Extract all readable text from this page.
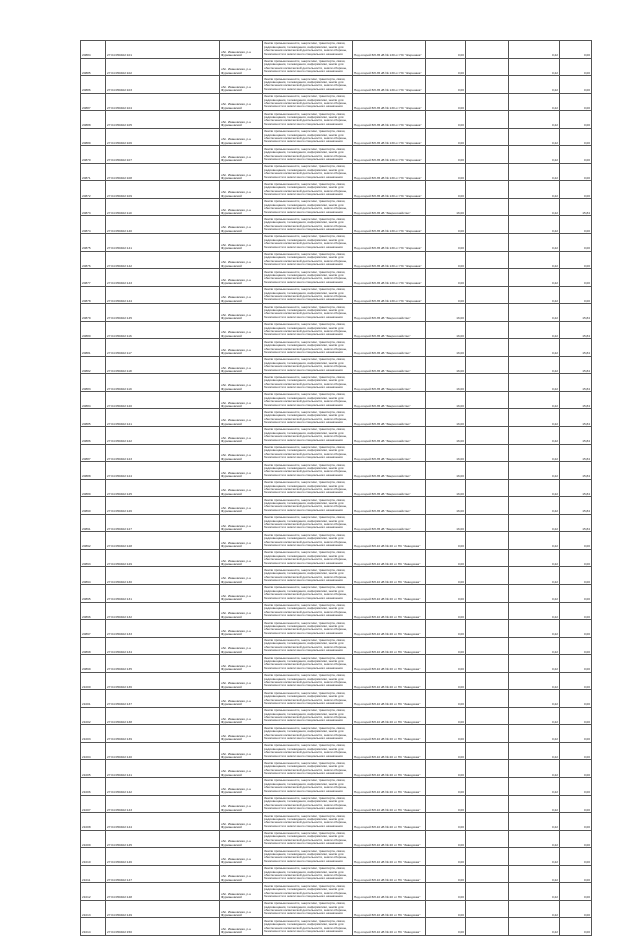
20884	27:04:050402:101	обл. Ивановская, р-н Фурмановский	Земли промышленности, энергетики, транспорта, связи, радиовещания, телевидения, информатики, земли для обеспечения космической деятельности, земли обороны, безопасности и земли иного специального назначения	Под опорой ВЛ-35 кВ № 130 от ПС "Жерновка"	0,00		0,22	0,00
20885	27:04:050402:102	обл. Ивановская, р-н Фурмановский	Земли промышленности, энергетики, транспорта, связи, радиовещания, телевидения, информатики, земли для обеспечения космической деятельности, земли обороны, безопасности и земли иного специального назначения	Под опорой ВЛ-35 кВ № 130 от ПС "Жерновка"	0,00		0,22	0,00
20886	27:04:050402:103	обл. Ивановская, р-н Фурмановский	Земли промышленности, энергетики, транспорта, связи, радиовещания, телевидения, информатики, земли для обеспечения космической деятельности, земли обороны, безопасности и земли иного специального назначения	Под опорой ВЛ-35 кВ № 130 от ПС "Жерновка"	0,00		0,22	0,00
20887	27:04:050402:104	обл. Ивановская, р-н Фурмановский	Земли промышленности, энергетики, транспорта, связи, радиовещания, телевидения, информатики, земли для обеспечения космической деятельности, земли обороны, безопасности и земли иного специального назначения	Под опорой ВЛ-35 кВ № 130 от ПС "Жерновка"	0,00		0,22	0,00
20888	27:04:050402:105	обл. Ивановская, р-н Фурмановский	Земли промышленности, энергетики, транспорта, связи, радиовещания, телевидения, информатики, земли для обеспечения космической деятельности, земли обороны, безопасности и земли иного специального назначения	Под опорой ВЛ-35 кВ № 130 от ПС "Жерновка"	0,00		0,22	0,00
20889	27:04:050402:106	обл. Ивановская, р-н Фурмановский	Земли промышленности, энергетики, транспорта, связи, радиовещания, телевидения, информатики, земли для обеспечения космической деятельности, земли обороны, безопасности и земли иного специального назначения	Под опорой ВЛ-35 кВ № 130 от ПС "Жерновка"	0,00		0,22	0,00
20870	27:04:050402:107	обл. Ивановская, р-н Фурмановский	Земли промышленности, энергетики, транспорта, связи, радиовещания, телевидения, информатики, земли для обеспечения космической деятельности, земли обороны, безопасности и земли иного специального назначения	Под опорой ВЛ-35 кВ № 130 от ПС "Жерновка"	0,00		0,22	0,00
20871	27:04:050402:108	обл. Ивановская, р-н Фурмановский	Земли промышленности, энергетики, транспорта, связи, радиовещания, телевидения, информатики, земли для обеспечения космической деятельности, земли обороны, безопасности и земли иного специального назначения	Под опорой ВЛ-35 кВ № 130 от ПС "Жерновка"	0,00		0,22	0,00
20872	27:04:050402:109	обл. Ивановская, р-н Фурмановский	Земли промышленности, энергетики, транспорта, связи, радиовещания, телевидения, информатики, земли для обеспечения космической деятельности, земли обороны, безопасности и земли иного специального назначения	Под опорой ВЛ-35 кВ № 130 от ПС "Жерновка"	0,00		0,22	0,00
20873	27:04:050402:110	обл. Ивановская, р-н Фурмановский	Земли промышленности, энергетики, транспорта, связи, радиовещания, телевидения, информатики, земли для обеспечения космической деятельности, земли обороны, безопасности и земли иного специального назначения	Под опорой ВЛ-35 кВ "Зверохозяйство"	16,00		0,22	15,84
20874	27:04:050402:140	обл. Ивановская, р-н Фурмановский	Земли промышленности, энергетики, транспорта, связи, радиовещания, телевидения, информатики, земли для обеспечения космической деятельности, земли обороны, безопасности и земли иного специального назначения	Под опорой ВЛ-35 кВ № 130 от ПС "Жерновка"	0,00		0,22	0,00
20875	27:04:050402:141	обл. Ивановская, р-н Фурмановский	Земли промышленности, энергетики, транспорта, связи, радиовещания, телевидения, информатики, земли для обеспечения космической деятельности, земли обороны, безопасности и земли иного специального назначения	Под опорой ВЛ-35 кВ № 130 от ПС "Жерновка"	0,00		0,22	0,00
20876	27:04:050402:142	обл. Ивановская, р-н Фурмановский	Земли промышленности, энергетики, транспорта, связи, радиовещания, телевидения, информатики, земли для обеспечения космической деятельности, земли обороны, безопасности и земли иного специального назначения	Под опорой ВЛ-35 кВ № 130 от ПС "Жерновка"	0,00		0,22	0,00
20877	27:04:050402:143	обл. Ивановская, р-н Фурмановский	Земли промышленности, энергетики, транспорта, связи, радиовещания, телевидения, информатики, земли для обеспечения космической деятельности, земли обороны, безопасности и земли иного специального назначения	Под опорой ВЛ-35 кВ № 130 от ПС "Жерновка"	0,00		0,22	0,00
20878	27:04:050402:144	обл. Ивановская, р-н Фурмановский	Земли промышленности, энергетики, транспорта, связи, радиовещания, телевидения, информатики, земли для обеспечения космической деятельности, земли обороны, безопасности и земли иного специального назначения	Под опорой ВЛ-35 кВ № 130 от ПС "Жерновка"	0,00		0,22	0,00
20879	27:04:050402:145	обл. Ивановская, р-н Фурмановский	Земли промышленности, энергетики, транспорта, связи, радиовещания, телевидения, информатики, земли для обеспечения космической деятельности, земли обороны, безопасности и земли иного специального назначения	Под опорой ВЛ-35 кВ "Зверохозяйство"	16,00		0,22	15,84
20880	27:04:050402:116	обл. Ивановская, р-н Фурмановский	Земли промышленности, энергетики, транспорта, связи, радиовещания, телевидения, информатики, земли для обеспечения космической деятельности, земли обороны, безопасности и земли иного специального назначения	Под опорой ВЛ-35 кВ "Зверохозяйство"	16,00		0,22	15,84
20881	27:04:050402:117	обл. Ивановская, р-н Фурмановский	Земли промышленности, энергетики, транспорта, связи, радиовещания, телевидения, информатики, земли для обеспечения космической деятельности, земли обороны, безопасности и земли иного специального назначения	Под опорой ВЛ-35 кВ "Зверохозяйство"	16,00		0,22	15,84
20882	27:04:050402:118	обл. Ивановская, р-н Фурмановский	Земли промышленности, энергетики, транспорта, связи, радиовещания, телевидения, информатики, земли для обеспечения космической деятельности, земли обороны, безопасности и земли иного специального назначения	Под опорой ВЛ-35 кВ "Зверохозяйство"	16,00		0,22	15,84
20883	27:04:050402:119	обл. Ивановская, р-н Фурмановский	Земли промышленности, энергетики, транспорта, связи, радиовещания, телевидения, информатики, земли для обеспечения космической деятельности, земли обороны, безопасности и земли иного специального назначения	Под опорой ВЛ-35 кВ "Зверохозяйство"	16,00		0,22	15,84
20884	27:04:050402:120	обл. Ивановская, р-н Фурмановский	Земли промышленности, энергетики, транспорта, связи, радиовещания, телевидения, информатики, земли для обеспечения космической деятельности, земли обороны, безопасности и земли иного специального назначения	Под опорой ВЛ-35 кВ "Зверохозяйство"	16,00		0,22	15,84
20885	27:04:050402:121	обл. Ивановская, р-н Фурмановский	Земли промышленности, энергетики, транспорта, связи, радиовещания, телевидения, информатики, земли для обеспечения космической деятельности, земли обороны, безопасности и земли иного специального назначения	Под опорой ВЛ-35 кВ "Зверохозяйство"	16,00		0,22	15,84
20886	27:04:050402:122	обл. Ивановская, р-н Фурмановский	Земли промышленности, энергетики, транспорта, связи, радиовещания, телевидения, информатики, земли для обеспечения космической деятельности, земли обороны, безопасности и земли иного специального назначения	Под опорой ВЛ-35 кВ "Зверохозяйство"	16,00		0,22	15,84
20887	27:04:050402:123	обл. Ивановская, р-н Фурмановский	Земли промышленности, энергетики, транспорта, связи, радиовещания, телевидения, информатики, земли для обеспечения космической деятельности, земли обороны, безопасности и земли иного специального назначения	Под опорой ВЛ-35 кВ "Зверохозяйство"	16,00		0,22	15,84
20888	27:04:050402:124	обл. Ивановская, р-н Фурмановский	Земли промышленности, энергетики, транспорта, связи, радиовещания, телевидения, информатики, земли для обеспечения космической деятельности, земли обороны, безопасности и земли иного специального назначения	Под опорой ВЛ-35 кВ "Зверохозяйство"	16,00		0,22	15,84
20889	27:04:050402:125	обл. Ивановская, р-н Фурмановский	Земли промышленности, энергетики, транспорта, связи, радиовещания, телевидения, информатики, земли для обеспечения космической деятельности, земли обороны, безопасности и земли иного специального назначения	Под опорой ВЛ-35 кВ "Зверохозяйство"	16,00		0,22	15,84
20890	27:04:050402:126	обл. Ивановская, р-н Фурмановский	Земли промышленности, энергетики, транспорта, связи, радиовещания, телевидения, информатики, земли для обеспечения космической деятельности, земли обороны, безопасности и земли иного специального назначения	Под опорой ВЛ-35 кВ "Зверохозяйство"	16,00		0,22	15,84
20891	27:04:050402:127	обл. Ивановская, р-н Фурмановский	Земли промышленности, энергетики, транспорта, связи, радиовещания, телевидения, информатики, земли для обеспечения космической деятельности, земли обороны, безопасности и земли иного специального назначения	Под опорой ВЛ-35 кВ "Зверохозяйство"	16,00		0,22	15,84
20892	27:04:050402:128	обл. Ивановская, р-н Фурмановский	Земли промышленности, энергетики, транспорта, связи, радиовещания, телевидения, информатики, земли для обеспечения космической деятельности, земли обороны, безопасности и земли иного специального назначения	Под опорой ВЛ-10 кВ № 20 от ПС "Заводская"	0,00		0,22	0,00
20893	27:04:050402:129	обл. Ивановская, р-н Фурмановский	Земли промышленности, энергетики, транспорта, связи, радиовещания, телевидения, информатики, земли для обеспечения космической деятельности, земли обороны, безопасности и земли иного специального назначения	Под опорой ВЛ-10 кВ № 20 от ПС "Заводская"	0,00		0,22	0,00
20894	27:04:050402:130	обл. Ивановская, р-н Фурмановский	Земли промышленности, энергетики, транспорта, связи, радиовещания, телевидения, информатики, земли для обеспечения космической деятельности, земли обороны, безопасности и земли иного специального назначения	Под опорой ВЛ-10 кВ № 20 от ПС "Заводская"	0,00		0,22	0,00
20895	27:04:050402:131	обл. Ивановская, р-н Фурмановский	Земли промышленности, энергетики, транспорта, связи, радиовещания, телевидения, информатики, земли для обеспечения космической деятельности, земли обороны, безопасности и земли иного специального назначения	Под опорой ВЛ-10 кВ № 20 от ПС "Заводская"	0,00		0,22	0,00
20896	27:04:050402:132	обл. Ивановская, р-н Фурмановский	Земли промышленности, энергетики, транспорта, связи, радиовещания, телевидения, информатики, земли для обеспечения космической деятельности, земли обороны, безопасности и земли иного специального назначения	Под опорой ВЛ-10 кВ № 20 от ПС "Заводская"	0,00		0,22	0,00
20897	27:04:050402:133	обл. Ивановская, р-н Фурмановский	Земли промышленности, энергетики, транспорта, связи, радиовещания, телевидения, информатики, земли для обеспечения космической деятельности, земли обороны, безопасности и земли иного специального назначения	Под опорой ВЛ-10 кВ № 20 от ПС "Заводская"	0,00		0,22	0,00
20898	27:04:050402:134	обл. Ивановская, р-н Фурмановский	Земли промышленности, энергетики, транспорта, связи, радиовещания, телевидения, информатики, земли для обеспечения космической деятельности, земли обороны, безопасности и земли иного специального назначения	Под опорой ВЛ-10 кВ № 20 от ПС "Заводская"	0,00		0,22	0,00
20899	27:04:050402:135	обл. Ивановская, р-н Фурмановский	Земли промышленности, энергетики, транспорта, связи, радиовещания, телевидения, информатики, земли для обеспечения космической деятельности, земли обороны, безопасности и земли иного специального назначения	Под опорой ВЛ-10 кВ № 20 от ПС "Заводская"	0,00		0,22	0,00
21000	27:04:050402:136	обл. Ивановская, р-н Фурмановский	Земли промышленности, энергетики, транспорта, связи, радиовещания, телевидения, информатики, земли для обеспечения космической деятельности, земли обороны, безопасности и земли иного специального назначения	Под опорой ВЛ-10 кВ № 20 от ПС "Заводская"	0,00		0,22	0,00
21001	27:04:050402:137	обл. Ивановская, р-н Фурмановский	Земли промышленности, энергетики, транспорта, связи, радиовещания, телевидения, информатики, земли для обеспечения космической деятельности, земли обороны, безопасности и земли иного специального назначения	Под опорой ВЛ-10 кВ № 20 от ПС "Заводская"	0,00		0,22	0,00
21002	27:04:050402:138	обл. Ивановская, р-н Фурмановский	Земли промышленности, энергетики, транспорта, связи, радиовещания, телевидения, информатики, земли для обеспечения космической деятельности, земли обороны, безопасности и земли иного специального назначения	Под опорой ВЛ-10 кВ № 20 от ПС "Заводская"	0,00		0,22	0,00
21003	27:04:050402:139	обл. Ивановская, р-н Фурмановский	Земли промышленности, энергетики, транспорта, связи, радиовещания, телевидения, информатики, земли для обеспечения космической деятельности, земли обороны, безопасности и земли иного специального назначения	Под опорой ВЛ-10 кВ № 20 от ПС "Заводская"	0,00		0,22	0,00
21004	27:04:050402:140	обл. Ивановская, р-н Фурмановский	Земли промышленности, энергетики, транспорта, связи, радиовещания, телевидения, информатики, земли для обеспечения космической деятельности, земли обороны, безопасности и земли иного специального назначения	Под опорой ВЛ-10 кВ № 20 от ПС "Заводская"	0,00		0,22	0,00
21005	27:04:050402:141	обл. Ивановская, р-н Фурмановский	Земли промышленности, энергетики, транспорта, связи, радиовещания, телевидения, информатики, земли для обеспечения космической деятельности, земли обороны, безопасности и земли иного специального назначения	Под опорой ВЛ-10 кВ № 20 от ПС "Заводская"	0,00		0,22	0,00
21006	27:04:050402:142	обл. Ивановская, р-н Фурмановский	Земли промышленности, энергетики, транспорта, связи, радиовещания, телевидения, информатики, земли для обеспечения космической деятельности, земли обороны, безопасности и земли иного специального назначения	Под опорой ВЛ-10 кВ № 20 от ПС "Заводская"	0,00		0,22	0,00
21007	27:04:050402:143	обл. Ивановская, р-н Фурмановский	Земли промышленности, энергетики, транспорта, связи, радиовещания, телевидения, информатики, земли для обеспечения космической деятельности, земли обороны, безопасности и земли иного специального назначения	Под опорой ВЛ-10 кВ № 20 от ПС "Заводская"	0,00		0,22	0,00
21008	27:04:050402:144	обл. Ивановская, р-н Фурмановский	Земли промышленности, энергетики, транспорта, связи, радиовещания, телевидения, информатики, земли для обеспечения космической деятельности, земли обороны, безопасности и земли иного специального назначения	Под опорой ВЛ-10 кВ № 20 от ПС "Заводская"	0,00		0,22	0,00
21009	27:04:050402:145	обл. Ивановская, р-н Фурмановский	Земли промышленности, энергетики, транспорта, связи, радиовещания, телевидения, информатики, земли для обеспечения космической деятельности, земли обороны, безопасности и земли иного специального назначения	Под опорой ВЛ-10 кВ № 20 от ПС "Заводская"	0,00		0,22	0,00
21010	27:04:050402:146	обл. Ивановская, р-н Фурмановский	Земли промышленности, энергетики, транспорта, связи, радиовещания, телевидения, информатики, земли для обеспечения космической деятельности, земли обороны, безопасности и земли иного специального назначения	Под опорой ВЛ-10 кВ № 20 от ПС "Заводская"	0,00		0,22	0,00
21011	27:04:050402:147	обл. Ивановская, р-н Фурмановский	Земли промышленности, энергетики, транспорта, связи, радиовещания, телевидения, информатики, земли для обеспечения космической деятельности, земли обороны, безопасности и земли иного специального назначения	Под опорой ВЛ-10 кВ № 20 от ПС "Заводская"	0,00		0,22	0,00
21012	27:04:050402:148	обл. Ивановская, р-н Фурмановский	Земли промышленности, энергетики, транспорта, связи, радиовещания, телевидения, информатики, земли для обеспечения космической деятельности, земли обороны, безопасности и земли иного специального назначения	Под опорой ВЛ-10 кВ № 20 от ПС "Заводская"	0,00		0,22	0,00
21013	27:04:050402:149	обл. Ивановская, р-н Фурмановский	Земли промышленности, энергетики, транспорта, связи, радиовещания, телевидения, информатики, земли для обеспечения космической деятельности, земли обороны, безопасности и земли иного специального назначения	Под опорой ВЛ-10 кВ № 20 от ПС "Заводская"	0,00		0,22	0,00
21014	27:04:050402:150	обл. Ивановская, р-н Фурмановский	Земли промышленности, энергетики, транспорта, связи, радиовещания, телевидения, информатики, земли для обеспечения космической деятельности, земли обороны, безопасности и земли иного специального назначения	Под опорой ВЛ-10 кВ № 20 от ПС "Заводская"	0,00		0,22	0,00
